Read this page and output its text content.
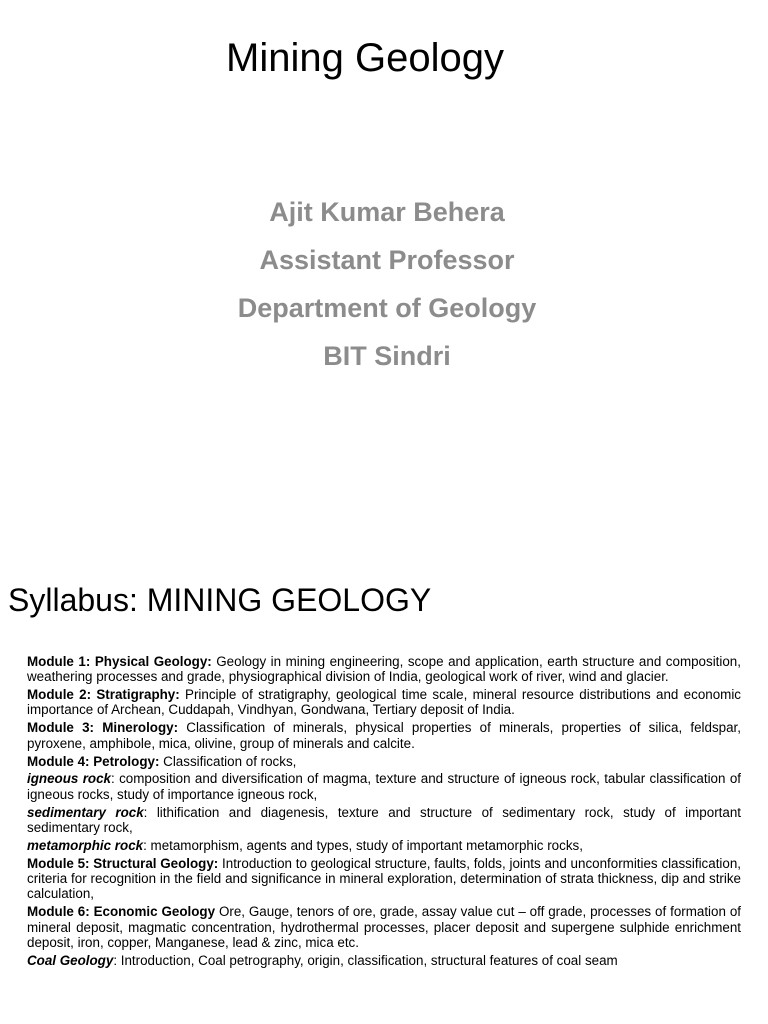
Mining Geology
Ajit Kumar Behera
Assistant Professor
Department of Geology
BIT Sindri
Syllabus: MINING GEOLOGY

Module 1: Physical Geology: Geology in mining engineering, scope and application, earth structure and composition, weathering processes and grade, physiographical division of India, geological work of river, wind and glacier.

Module 2: Stratigraphy: Principle of stratigraphy, geological time scale, mineral resource distributions and economic importance of Archean, Cuddapah, Vindhyan, Gondwana, Tertiary deposit of India.

Module 3: Minerology: Classification of minerals, physical properties of minerals, properties of silica, feldspar, pyroxene, amphibole, mica, olivine, group of minerals and calcite.

Module 4: Petrology: Classification of rocks,

igneous rock: composition and diversification of magma, texture and structure of igneous rock, tabular classification of igneous rocks, study of importance igneous rock,

sedimentary rock: lithification and diagenesis, texture and structure of sedimentary rock, study of important sedimentary rock,

metamorphic rock: metamorphism, agents and types, study of important metamorphic rocks,

Module 5: Structural Geology: Introduction to geological structure, faults, folds, joints and unconformities classification, criteria for recognition in the field and significance in mineral exploration, determination of strata thickness, dip and strike calculation,

Module 6: Economic Geology Ore, Gauge, tenors of ore, grade, assay value cut – off grade, processes of formation of mineral deposit, magmatic concentration, hydrothermal processes, placer deposit and supergene sulphide enrichment deposit, iron, copper, Manganese, lead & zinc, mica etc.

Coal Geology: Introduction, Coal petrography, origin, classification, structural features of coal seam
